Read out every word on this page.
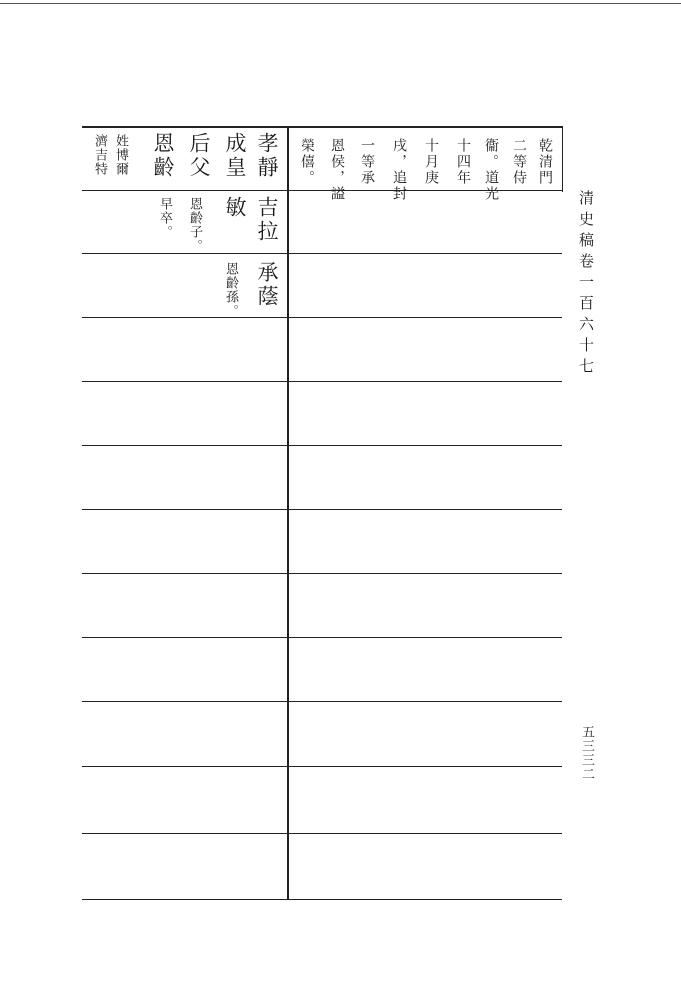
清史稿卷一百六十七
五三三二
乾清門
二等侍
衞。道光
十四年
十月庚
戌，追封
一等承
恩侯，謚
榮僖。
孝靜
成皇
后父
恩齡
姓博爾
濟吉特
吉拉
敏
恩齡子。
早卒。
承蔭
恩齡孫。
